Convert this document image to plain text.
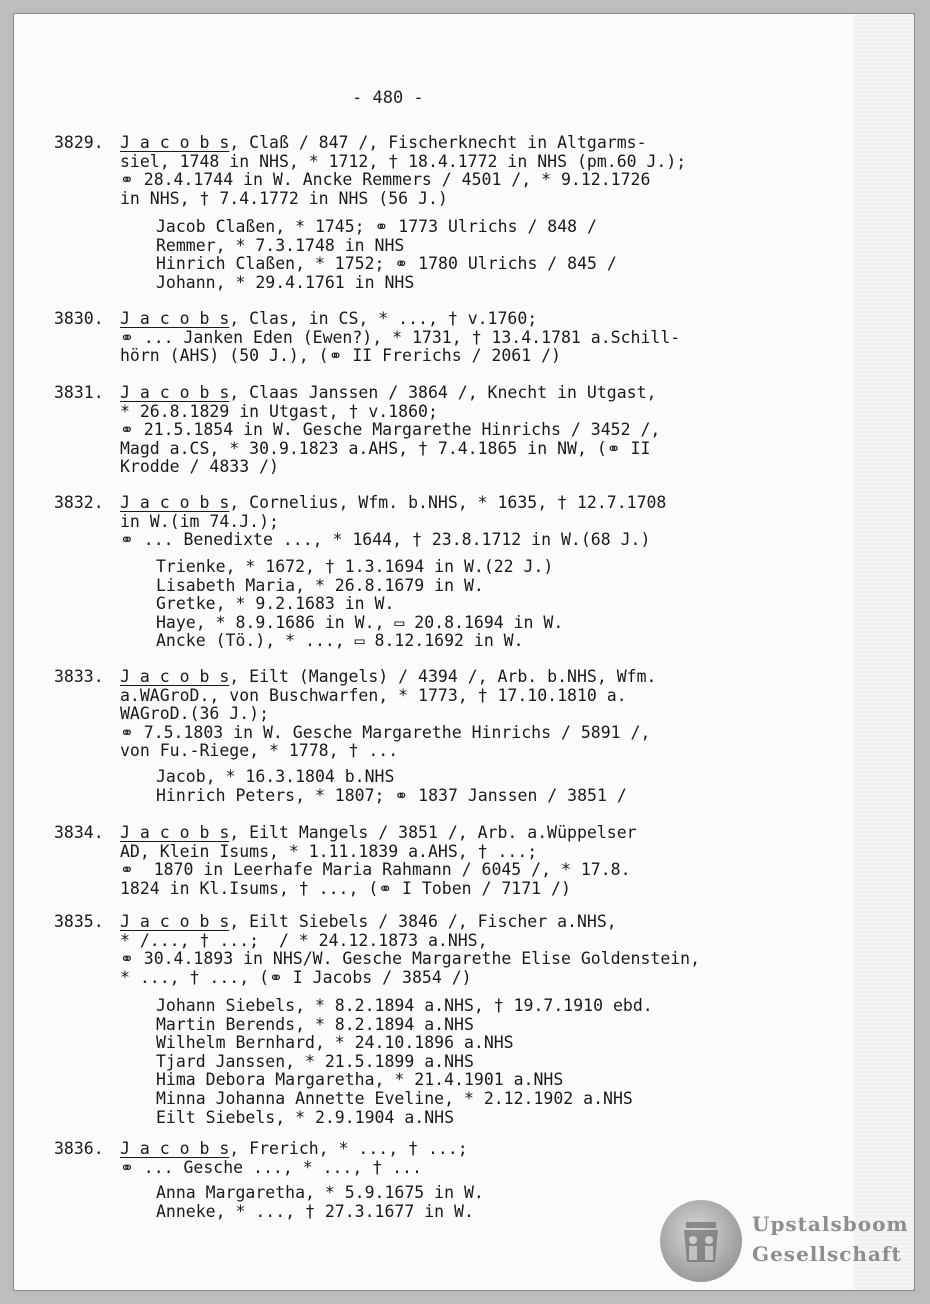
- 480 -
3829. J a c o b s, Claß / 847 /, Fischerknecht in Altgarms-
siel, 1748 in NHS, * 1712, † 18.4.1772 in NHS (pm.60 J.);
⚭ 28.4.1744 in W. Ancke Remmers / 4501 /, * 9.12.1726
in NHS, † 7.4.1772 in NHS (56 J.)
Jacob Claßen, * 1745; ⚭ 1773 Ulrichs / 848 /
Remmer, * 7.3.1748 in NHS
Hinrich Claßen, * 1752; ⚭ 1780 Ulrichs / 845 /
Johann, * 29.4.1761 in NHS
3830. J a c o b s, Clas, in CS, * ..., † v.1760;
⚭ ... Janken Eden (Ewen?), * 1731, † 13.4.1781 a.Schill-
hörn (AHS) (50 J.), (⚭ II Frerichs / 2061 /)
3831. J a c o b s, Claas Janssen / 3864 /, Knecht in Utgast,
* 26.8.1829 in Utgast, † v.1860;
⚭ 21.5.1854 in W. Gesche Margarethe Hinrichs / 3452 /,
Magd a.CS, * 30.9.1823 a.AHS, † 7.4.1865 in NW, (⚭ II
Krodde / 4833 /)
3832. J a c o b s, Cornelius, Wfm. b.NHS, * 1635, † 12.7.1708
in W.(im 74.J.);
⚭ ... Benedixte ..., * 1644, † 23.8.1712 in W.(68 J.)
Trienke, * 1672, † 1.3.1694 in W.(22 J.)
Lisabeth Maria, * 26.8.1679 in W.
Gretke, * 9.2.1683 in W.
Haye, * 8.9.1686 in W., ▭ 20.8.1694 in W.
Ancke (Tö.), * ..., ▭ 8.12.1692 in W.
3833. J a c o b s, Eilt (Mangels) / 4394 /, Arb. b.NHS, Wfm.
a.WAGroD., von Buschwarfen, * 1773, † 17.10.1810 a.
WAGroD.(36 J.);
⚭ 7.5.1803 in W. Gesche Margarethe Hinrichs / 5891 /,
von Fu.-Riege, * 1778, † ...
Jacob, * 16.3.1804 b.NHS
Hinrich Peters, * 1807; ⚭ 1837 Janssen / 3851 /
3834. J a c o b s, Eilt Mangels / 3851 /, Arb. a.Wüppelser
AD, Klein Isums, * 1.11.1839 a.AHS, † ...;
⚭  1870 in Leerhafe Maria Rahmann / 6045 /, * 17.8.
1824 in Kl.Isums, † ..., (⚭ I Toben / 7171 /)
3835. J a c o b s, Eilt Siebels / 3846 /, Fischer a.NHS,
* /..., † ...;  / * 24.12.1873 a.NHS,
⚭ 30.4.1893 in NHS/W. Gesche Margarethe Elise Goldenstein,
* ..., † ..., (⚭ I Jacobs / 3854 /)
Johann Siebels, * 8.2.1894 a.NHS, † 19.7.1910 ebd.
Martin Berends, * 8.2.1894 a.NHS
Wilhelm Bernhard, * 24.10.1896 a.NHS
Tjard Janssen, * 21.5.1899 a.NHS
Hima Debora Margaretha, * 21.4.1901 a.NHS
Minna Johanna Annette Eveline, * 2.12.1902 a.NHS
Eilt Siebels, * 2.9.1904 a.NHS
3836. J a c o b s, Frerich, * ..., † ...;
⚭ ... Gesche ..., * ..., † ...
Anna Margaretha, * 5.9.1675 in W.
Anneke, * ..., † 27.3.1677 in W.
Upstalsboom
Gesellschaft
